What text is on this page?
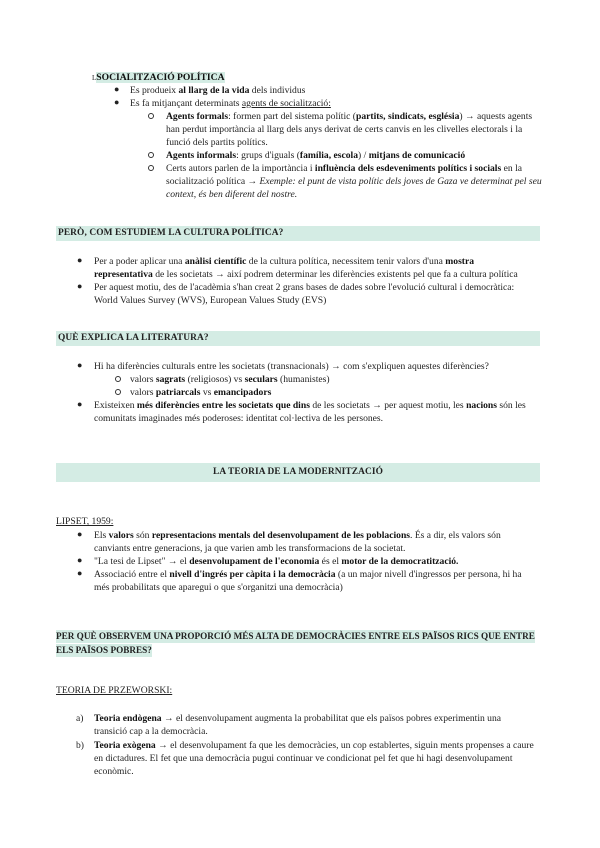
LSOCIALITZACIÓ POLÍTICA
● Es produeix al llarg de la vida dels individus
● Es fa mitjançant determinats agents de socialització:
Agents formals: formen part del sistema polític (partits, sindicats, església) → aquests agents
han perdut importància al llarg dels anys derivat de certs canvis en les clivelles electorals i la
funció dels partits polítics.
Agents informals: grups d'iguals (família, escola) / mitjans de comunicació
Certs autors parlen de la importància i influència dels esdeveniments polítics i socials en la
socialització política → Exemple: el punt de vista polític dels joves de Gaza ve determinat pel seu
context, és ben diferent del nostre.
PERÒ, COM ESTUDIEM LA CULTURA POLÍTICA?
● Per a poder aplicar una anàlisi científic de la cultura política, necessitem tenir valors d'una mostra
representativa de les societats → així podrem determinar les diferències existents pel que fa a cultura política
● Per aquest motiu, des de l'acadèmia s'han creat 2 grans bases de dades sobre l'evolució cultural i democràtica:
World Values Survey (WVS), European Values Study (EVS)
QUÈ EXPLICA LA LITERATURA?
● Hi ha diferències culturals entre les societats (transnacionals) → com s'expliquen aquestes diferències?
valors sagrats (religiosos) vs seculars (humanistes)
valors patriarcals vs emancipadors
● Existeixen més diferències entre les societats que dins de les societats → per aquest motiu, les nacions són les
comunitats imaginades més poderoses: identitat col·lectiva de les persones.
LA TEORIA DE LA MODERNITZACIÓ
LIPSET, 1959:
● Els valors són representacions mentals del desenvolupament de les poblacions. És a dir, els valors són
canviants entre generacions, ja que varien amb les transformacions de la societat.
● "La tesi de Lipset" → el desenvolupament de l'economia és el motor de la democratització.
● Associació entre el nivell d'ingrés per càpita i la democràcia (a un major nivell d'ingressos per persona, hi ha
més probabilitats que aparegui o que s'organitzi una democràcia)
PER QUÈ OBSERVEM UNA PROPORCIÓ MÉS ALTA DE DEMOCRÀCIES ENTRE ELS PAÏSOS RICS QUE ENTRE
ELS PAÏSOS POBRES?
TEORIA DE PRZEWORSKI:
a) Teoria endògena → el desenvolupament augmenta la probabilitat que els països pobres experimentin una
transició cap a la democràcia.
b) Teoria exògena → el desenvolupament fa que les democràcies, un cop establertes, siguin ments propenses a caure
en dictadures. El fet que una democràcia pugui continuar ve condicionat pel fet que hi hagi desenvolupament
econòmic.
